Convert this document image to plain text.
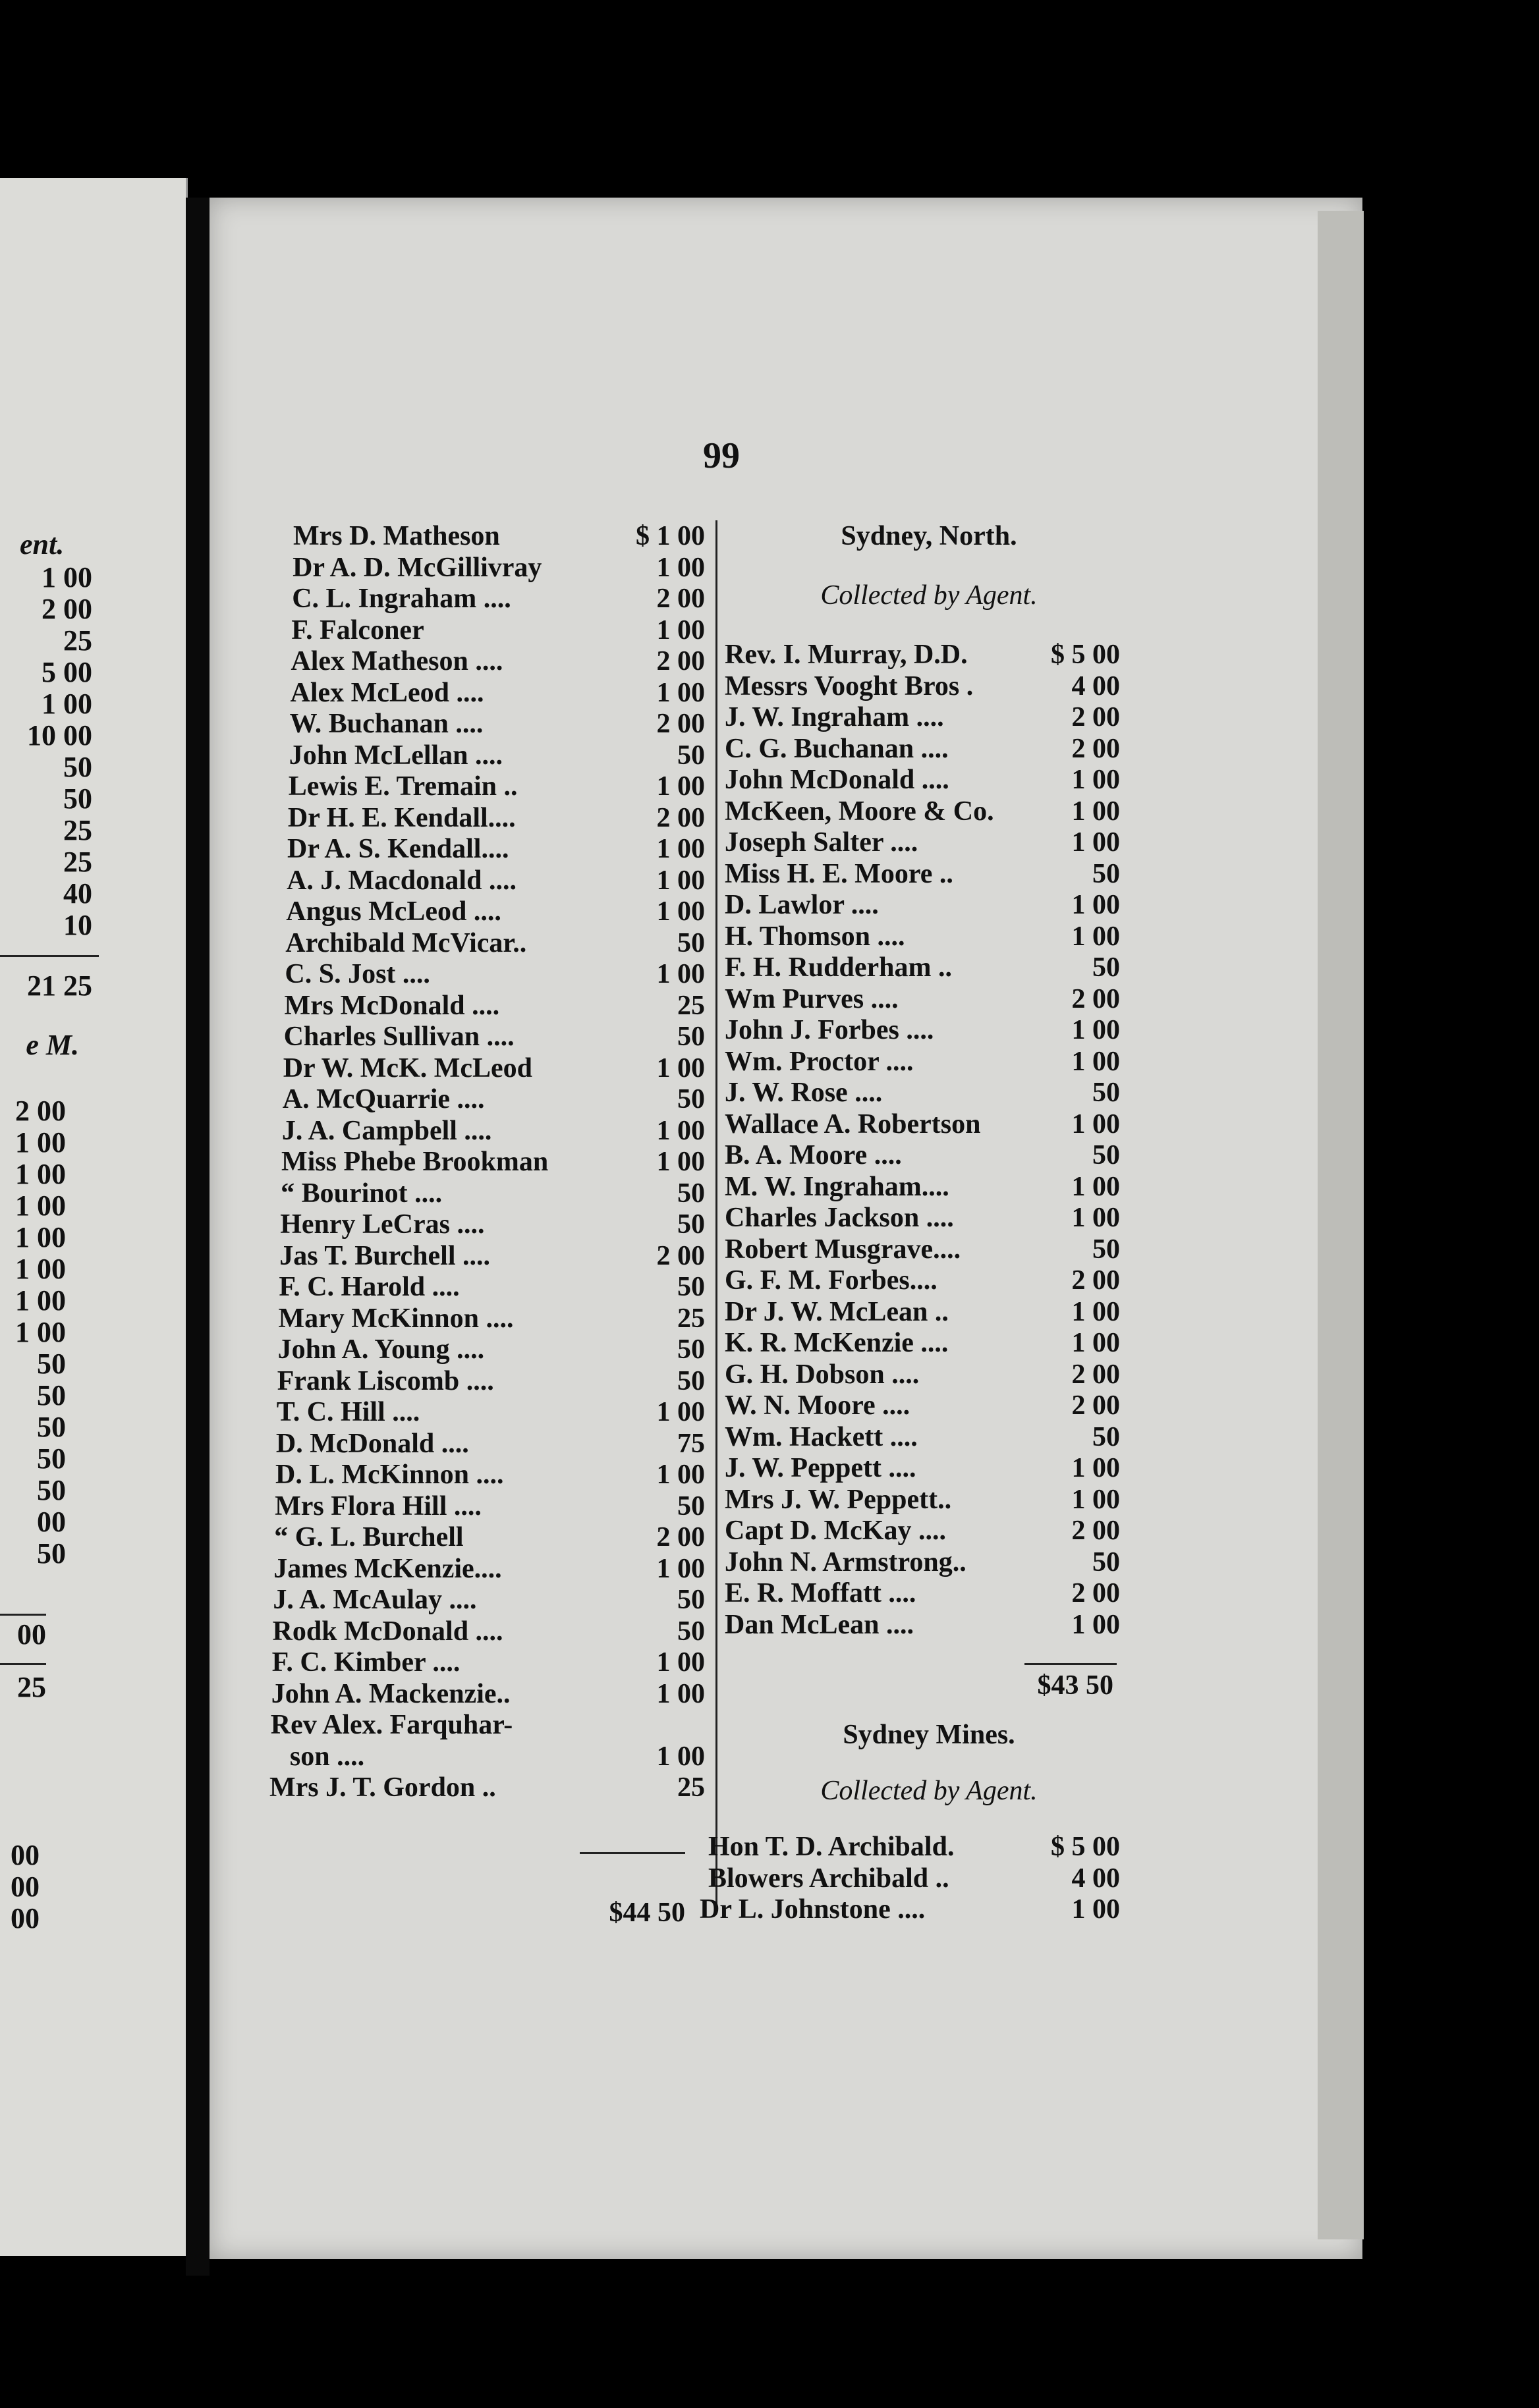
ent.
1 00
2 00
25
5 00
1 00
10 00
50
50
25
25
40
10
21 25
e M.
2 00
1 00
1 00
1 00
1 00
1 00
1 00
1 00
50
50
50
50
50
00
50
00
25
00
00
00
99
Mrs D. Matheson	$ 1 00
Dr A. D. McGillivray	1 00
C. L. Ingraham ....	2 00
F. Falconer	1 00
Alex Matheson ....	2 00
Alex McLeod ....	1 00
W. Buchanan ....	2 00
John McLellan ....	50
Lewis E. Tremain ..	1 00
Dr H. E. Kendall....	2 00
Dr A. S. Kendall....	1 00
A. J. Macdonald ....	1 00
Angus McLeod ....	1 00
Archibald McVicar..	50
C. S. Jost ....	1 00
Mrs McDonald ....	25
Charles Sullivan ....	50
Dr W. McK. McLeod	1 00
A. McQuarrie ....	50
J. A. Campbell ....	1 00
Miss Phebe Brookman	1 00
“ Bourinot ....	50
Henry LeCras ....	50
Jas T. Burchell ....	2 00
F. C. Harold ....	50
Mary McKinnon ....	25
John A. Young ....	50
Frank Liscomb ....	50
T. C. Hill ....	1 00
D. McDonald ....	75
D. L. McKinnon ....	1 00
Mrs Flora Hill ....	50
“ G. L. Burchell	2 00
James McKenzie....	1 00
J. A. McAulay ....	50
Rodk McDonald ....	50
F. C. Kimber ....	1 00
John A. Mackenzie..	1 00
Rev Alex. Farquhar-
son ....	1 00
Mrs J. T. Gordon ..	25
Rev. I. Murray, D.D.	$ 5 00
Messrs Vooght Bros .	4 00
J. W. Ingraham ....	2 00
C. G. Buchanan ....	2 00
John McDonald ....	1 00
McKeen, Moore & Co.	1 00
Joseph Salter ....	1 00
Miss H. E. Moore ..	50
D. Lawlor ....	1 00
H. Thomson ....	1 00
F. H. Rudderham ..	50
Wm Purves ....	2 00
John J. Forbes ....	1 00
Wm. Proctor ....	1 00
J. W. Rose ....	50
Wallace A. Robertson	1 00
B. A. Moore ....	50
M. W. Ingraham....	1 00
Charles Jackson ....	1 00
Robert Musgrave....	50
G. F. M. Forbes....	2 00
Dr J. W. McLean ..	1 00
K. R. McKenzie ....	1 00
G. H. Dobson ....	2 00
W. N. Moore ....	2 00
Wm. Hackett ....	50
J. W. Peppett ....	1 00
Mrs J. W. Peppett..	1 00
Capt D. McKay ....	2 00
John N. Armstrong..	50
E. R. Moffatt ....	2 00
Dan McLean ....	1 00
Hon T. D. Archibald.	$ 5 00
Blowers Archibald ..	4 00
Dr L. Johnstone ....	1 00
Sydney, North.
Collected by Agent.
$43 50
Sydney Mines.
Collected by Agent.
$44 50
